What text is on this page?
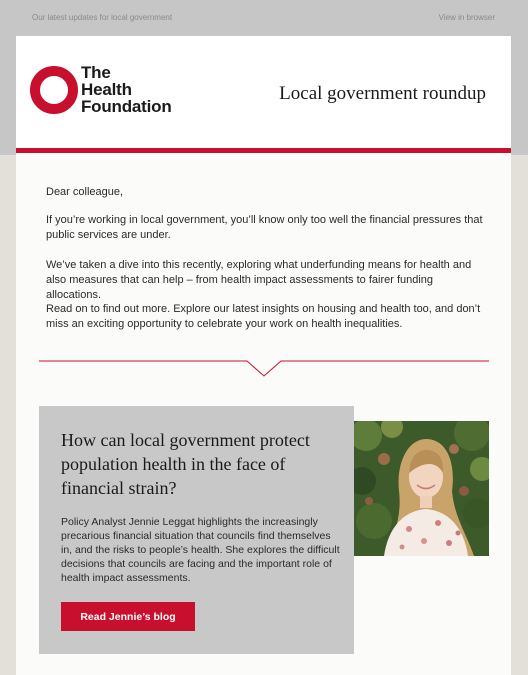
Our latest updates for local government	View in browser
The
Health
Foundation
Local government roundup

Dear colleague,

If you’re working in local government, you’ll know only too well the financial pressures that public services are under.

We’ve taken a dive into this recently, exploring what underfunding means for health and also measures that can help – from health impact assessments to fairer funding allocations.

Read on to find out more. Explore our latest insights on housing and health too, and don’t miss an exciting opportunity to celebrate your work on health inequalities.

How can local government protect population health in the face of financial strain?
Policy Analyst Jennie Leggat highlights the increasingly precarious financial situation that councils find themselves in, and the risks to people’s health. She explores the difficult decisions that councils are facing and the important role of health impact assessments.
Read Jennie’s blog
